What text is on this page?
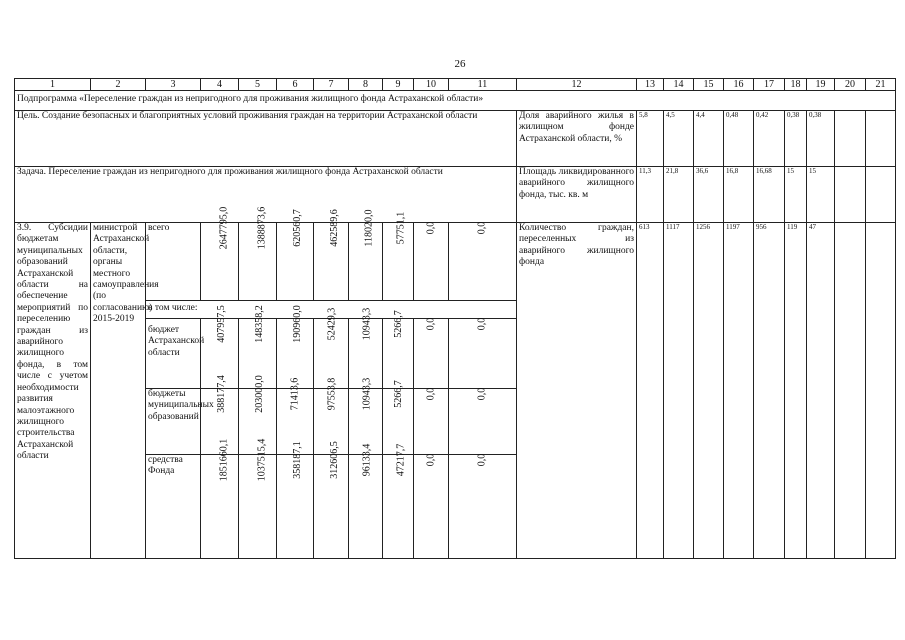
26
1	2	3	4	5	6	7	8	9	10	11	12	13	14	15	16	17	18	19	20	21
Подпрограмма «Переселение граждан из непригодного для проживания жилищного фонда Астраханской области»																				
Цель. Создание безопасных и благоприятных условий проживания граждан на территории Астраханской области											Доля аварийного жилья в жилищном фонде Астраханской области, %	5,8	4,5	4,4	0,48	0,42	0,38	0,38		
Задача. Переселение граждан из непригодного для проживания жилищного фонда Астраханской области											Площадь ликвидированного аварийного жилищного фонда, тыс. кв. м	11,3	21,8	36,6	16,8	16,68	15	15		
3.9. Субсидии бюджетам муниципальных образований Астраханской области на обеспечение мероприятий по переселению граждан из аварийного жилищного фонда, в том числе с учетом необходимости развития малоэтажного жилищного строительства Астраханской области	министрой Астраханской области, органы местного самоуправления (по согласованию) 2015-2019	всего	2647795,0	1388873,6	620560,7	462589,6	118020,0	57751,1	0,0	0,0	Количество граждан, переселенных из аварийного жилищного фонда	613	1117	1256	1197	956	119	47		
		в том числе:																		
		бюджет Астраханской области	407957,5	148358,2	190960,0	52429,3	10943,3	5266,7	0,0	0,0										
		бюджеты муниципальных образований	388177,4	203000,0	71413,6	97553,8	10943,3	5266,7	0,0	0,0										
		средства Фонда	1851660,1	1037515,4	358187,1	312606,5	96133,4	47217,7	0,0	0,0										
